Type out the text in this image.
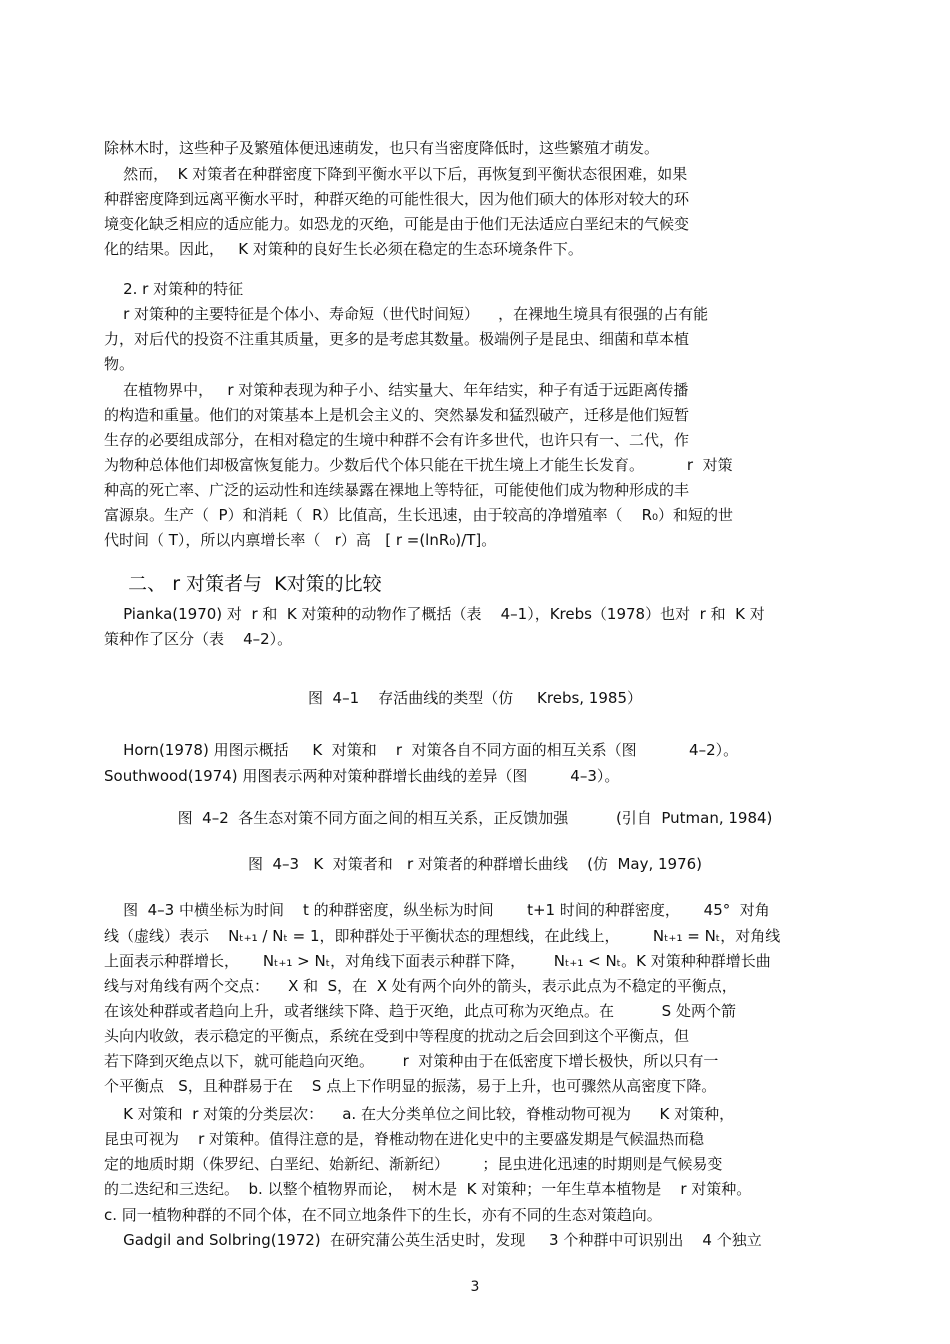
除林木时，这些种子及繁殖体便迅速萌发，也只有当密度降低时，这些繁殖才萌发。
然而，  K 对策者在种群密度下降到平衡水平以下后，再恢复到平衡状态很困难，如果
种群密度降到远离平衡水平时，种群灭绝的可能性很大，因为他们硕大的体形对较大的环
境变化缺乏相应的适应能力。如恐龙的灭绝，可能是由于他们无法适应白垩纪末的气候变
化的结果。因此，   K 对策种的良好生长必须在稳定的生态环境条件下。
2. r 对策种的特征
r 对策种的主要特征是个体小、寿命短（世代时间短）    ，在裸地生境具有很强的占有能
力，对后代的投资不注重其质量，更多的是考虑其数量。极端例子是昆虫、细菌和草本植
物。
在植物界中，   r 对策种表现为种子小、结实量大、年年结实，种子有适于远距离传播
的构造和重量。他们的对策基本上是机会主义的、突然暴发和猛烈破产，迁移是他们短暂
生存的必要组成部分，在相对稳定的生境中种群不会有许多世代，也许只有一、二代，作
为物种总体他们却极富恢复能力。少数后代个体只能在干扰生境上才能生长发育。         r  对策
种高的死亡率、广泛的运动性和连续暴露在裸地上等特征，可能使他们成为物种形成的丰
富源泉。生产（  P）和消耗（  R）比值高，生长迅速，由于较高的净增殖率（    R₀）和短的世
代时间（ T），所以内禀增长率（   r）高   [ r =(lnR₀)/T]。
二、 r 对策者与  K对策的比较
Pianka(1970) 对  r 和  K 对策种的动物作了概括（表    4–1），Krebs（1978）也对  r 和  K 对
策种作了区分（表    4–2）。
图  4–1    存活曲线的类型（仿     Krebs, 1985）
Horn(1978) 用图示概括     K  对策和    r  对策各自不同方面的相互关系（图           4–2）。
Southwood(1974) 用图表示两种对策种群增长曲线的差异（图         4–3）。
图  4–2  各生态对策不同方面之间的相互关系，正反馈加强          (引自  Putman, 1984)
图  4–3   K  对策者和   r 对策者的种群增长曲线    (仿  May, 1976)
图  4–3 中横坐标为时间    t 的种群密度，纵坐标为时间       t+1 时间的种群密度，     45°  对角
线（虚线）表示    Nₜ₊₁ / Nₜ = 1，即种群处于平衡状态的理想线，在此线上，       Nₜ₊₁ = Nₜ，对角线
上面表示种群增长，     Nₜ₊₁ > Nₜ，对角线下面表示种群下降，      Nₜ₊₁ < Nₜ。K 对策种种群增长曲
线与对角线有两个交点：    X 和  S，在  X 处有两个向外的箭头，表示此点为不稳定的平衡点，
在该处种群或者趋向上升，或者继续下降、趋于灭绝，此点可称为灭绝点。在          S 处两个箭
头向内收敛，表示稳定的平衡点，系统在受到中等程度的扰动之后会回到这个平衡点，但
若下降到灭绝点以下，就可能趋向灭绝。      r  对策种由于在低密度下增长极快，所以只有一
个平衡点   S，且种群易于在    S 点上下作明显的振荡，易于上升，也可骤然从高密度下降。
K 对策和  r 对策的分类层次：    a. 在大分类单位之间比较，脊椎动物可视为      K 对策种，
昆虫可视为    r 对策种。值得注意的是，脊椎动物在进化史中的主要盛发期是气候温热而稳
定的地质时期（侏罗纪、白垩纪、始新纪、渐新纪）       ；昆虫进化迅速的时期则是气候易变
的二迭纪和三迭纪。  b. 以整个植物界而论，  树木是  K 对策种；一年生草本植物是    r 对策种。
c. 同一植物种群的不同个体，在不同立地条件下的生长，亦有不同的生态对策趋向。
Gadgil and Solbring(1972)  在研究蒲公英生活史时，发现     3 个种群中可识别出    4 个独立
3
